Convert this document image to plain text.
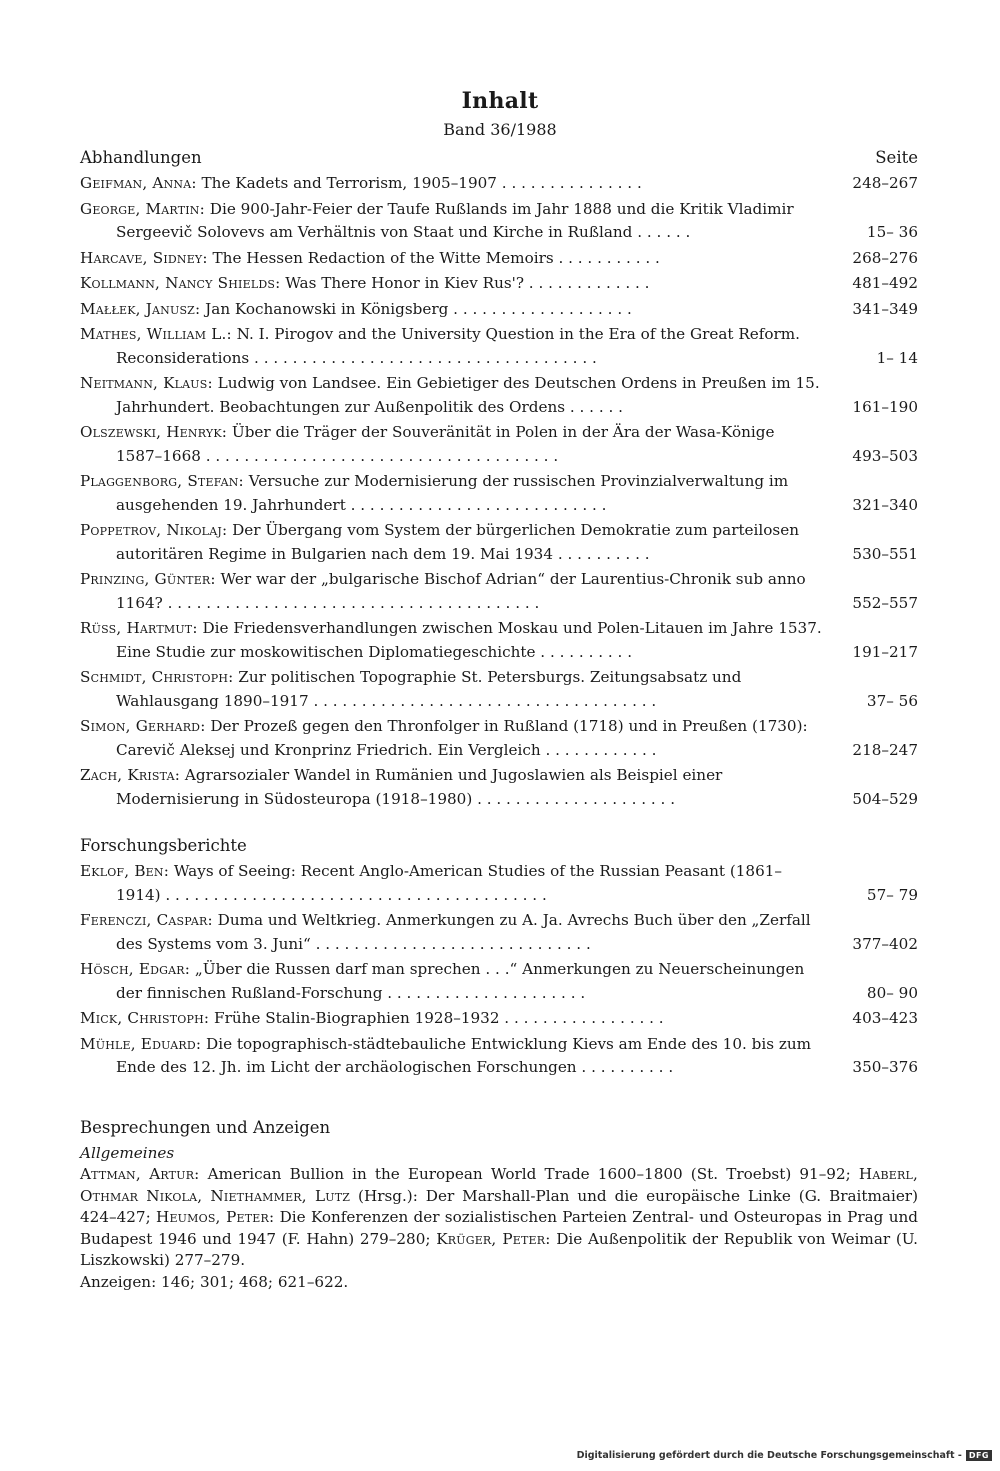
Inhalt
Band 36/1988
Abhandlungen	Seite
Geifman, Anna: The Kadets and Terrorism, 1905–1907 . . . . . . . . . . . . . . .	248–267
George, Martin: Die 900-Jahr-Feier der Taufe Rußlands im Jahr 1888 und die Kritik Vladimir Sergeevič Solovevs am Verhältnis von Staat und Kirche in Rußland . . . . . .	15– 36
Harcave, Sidney: The Hessen Redaction of the Witte Memoirs . . . . . . . . . . .	268–276
Kollmann, Nancy Shields: Was There Honor in Kiev Rus'? . . . . . . . . . . . . .	481–492
Małłek, Janusz: Jan Kochanowski in Königsberg . . . . . . . . . . . . . . . . . . .	341–349
Mathes, William L.: N. I. Pirogov and the University Question in the Era of the Great Reform. Reconsiderations . . . . . . . . . . . . . . . . . . . . . . . . . . . . . . . . . . . .	1– 14
Neitmann, Klaus: Ludwig von Landsee. Ein Gebietiger des Deutschen Ordens in Preußen im 15. Jahrhundert. Beobachtungen zur Außenpolitik des Ordens . . . . . .	161–190
Olszewski, Henryk: Über die Träger der Souveränität in Polen in der Ära der Wasa-Könige 1587–1668 . . . . . . . . . . . . . . . . . . . . . . . . . . . . . . . . . . . . .	493–503
Plaggenborg, Stefan: Versuche zur Modernisierung der russischen Provinzialverwaltung im ausgehenden 19. Jahrhundert . . . . . . . . . . . . . . . . . . . . . . . . . . .	321–340
Poppetrov, Nikolaj: Der Übergang vom System der bürgerlichen Demokratie zum parteilosen autoritären Regime in Bulgarien nach dem 19. Mai 1934 . . . . . . . . . .	530–551
Prinzing, Günter: Wer war der „bulgarische Bischof Adrian“ der Laurentius-Chronik sub anno 1164? . . . . . . . . . . . . . . . . . . . . . . . . . . . . . . . . . . . . . . .	552–557
Rüss, Hartmut: Die Friedensverhandlungen zwischen Moskau und Polen-Litauen im Jahre 1537. Eine Studie zur moskowitischen Diplomatiegeschichte . . . . . . . . . .	191–217
Schmidt, Christoph: Zur politischen Topographie St. Petersburgs. Zeitungsabsatz und Wahlausgang 1890–1917 . . . . . . . . . . . . . . . . . . . . . . . . . . . . . . . . . . . .	37– 56
Simon, Gerhard: Der Prozeß gegen den Thronfolger in Rußland (1718) und in Preußen (1730): Carevič Aleksej und Kronprinz Friedrich. Ein Vergleich . . . . . . . . . . . .	218–247
Zach, Krista: Agrarsozialer Wandel in Rumänien und Jugoslawien als Beispiel einer Modernisierung in Südosteuropa (1918–1980) . . . . . . . . . . . . . . . . . . . . .	504–529
Forschungsberichte
Eklof, Ben: Ways of Seeing: Recent Anglo-American Studies of the Russian Peasant (1861–1914) . . . . . . . . . . . . . . . . . . . . . . . . . . . . . . . . . . . . . . . .	57– 79
Ferenczi, Caspar: Duma und Weltkrieg. Anmerkungen zu A. Ja. Avrechs Buch über den „Zerfall des Systems vom 3. Juni“ . . . . . . . . . . . . . . . . . . . . . . . . . . . . .	377–402
Hösch, Edgar: „Über die Russen darf man sprechen . . .“ Anmerkungen zu Neuerscheinungen der finnischen Rußland-Forschung . . . . . . . . . . . . . . . . . . . . .	80– 90
Mick, Christoph: Frühe Stalin-Biographien 1928–1932 . . . . . . . . . . . . . . . . .	403–423
Mühle, Eduard: Die topographisch-städtebauliche Entwicklung Kievs am Ende des 10. bis zum Ende des 12. Jh. im Licht der archäologischen Forschungen . . . . . . . . . .	350–376
Besprechungen und Anzeigen
Allgemeines
Attman, Artur: American Bullion in the European World Trade 1600–1800 (St. Troebst) 91–92; Haberl, Othmar Nikola, Niethammer, Lutz (Hrsg.): Der Marshall-Plan und die europäische Linke (G. Braitmaier) 424–427; Heumos, Peter: Die Konferenzen der sozialistischen Parteien Zentral- und Osteuropas in Prag und Budapest 1946 und 1947 (F. Hahn) 279–280; Krüger, Peter: Die Außenpolitik der Republik von Weimar (U. Liszkowski) 277–279.
Anzeigen: 146; 301; 468; 621–622.
Digitalisierung gefördert durch die Deutsche Forschungsgemeinschaft - DFG
